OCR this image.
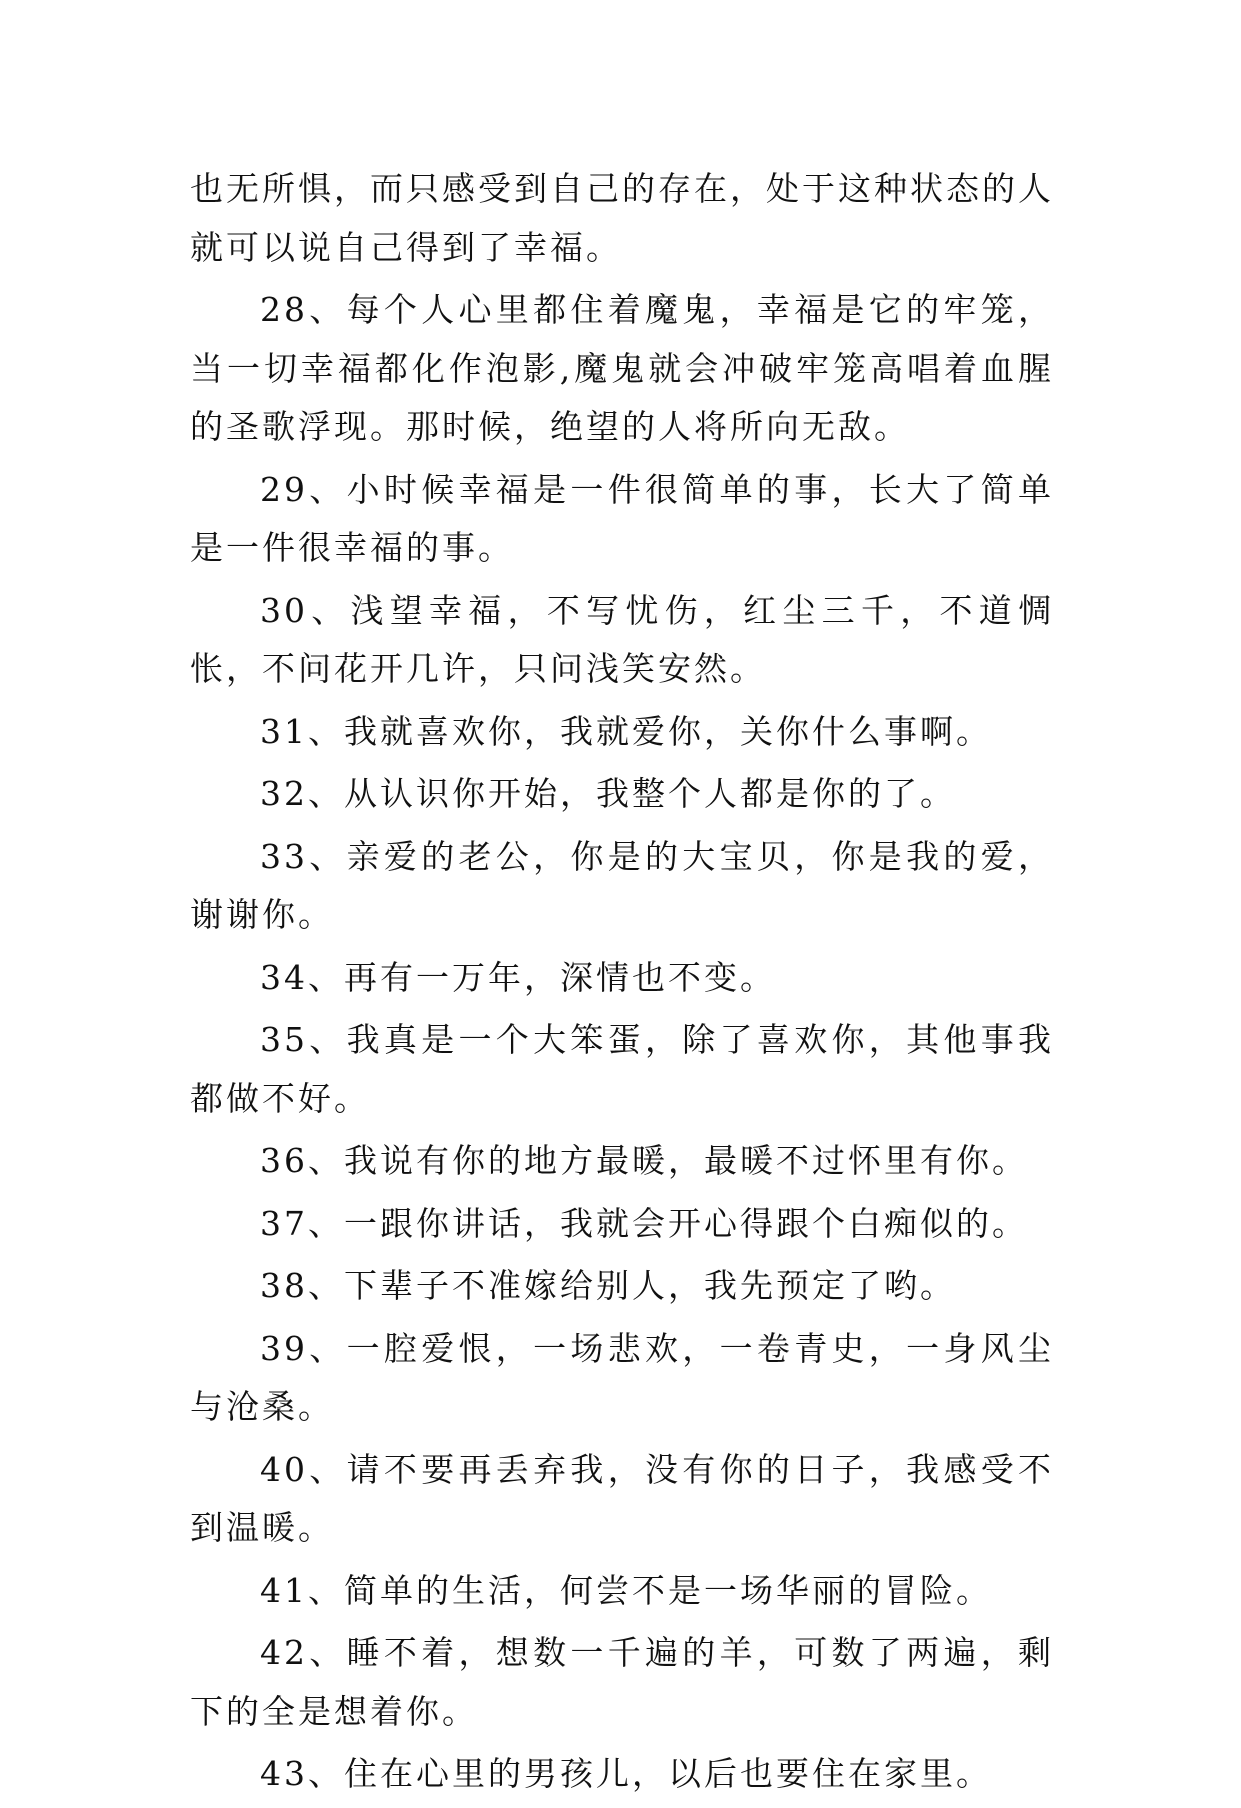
也无所惧，而只感受到自己的存在，处于这种状态的人就可以说自己得到了幸福。

28、每个人心里都住着魔鬼，幸福是它的牢笼，当一切幸福都化作泡影,魔鬼就会冲破牢笼高唱着血腥的圣歌浮现。那时候，绝望的人将所向无敌。

29、小时候幸福是一件很简单的事，长大了简单是一件很幸福的事。

30、浅望幸福，不写忧伤，红尘三千，不道惆怅，不问花开几许，只问浅笑安然。

31、我就喜欢你，我就爱你，关你什么事啊。

32、从认识你开始，我整个人都是你的了。

33、亲爱的老公，你是的大宝贝，你是我的爱，谢谢你。

34、再有一万年，深情也不变。

35、我真是一个大笨蛋，除了喜欢你，其他事我都做不好。

36、我说有你的地方最暖，最暖不过怀里有你。

37、一跟你讲话，我就会开心得跟个白痴似的。

38、下辈子不准嫁给别人，我先预定了哟。

39、一腔爱恨，一场悲欢，一卷青史，一身风尘与沧桑。

40、请不要再丢弃我，没有你的日子，我感受不到温暖。

41、简单的生活，何尝不是一场华丽的冒险。

42、睡不着，想数一千遍的羊，可数了两遍，剩下的全是想着你。

43、住在心里的男孩儿，以后也要住在家里。
